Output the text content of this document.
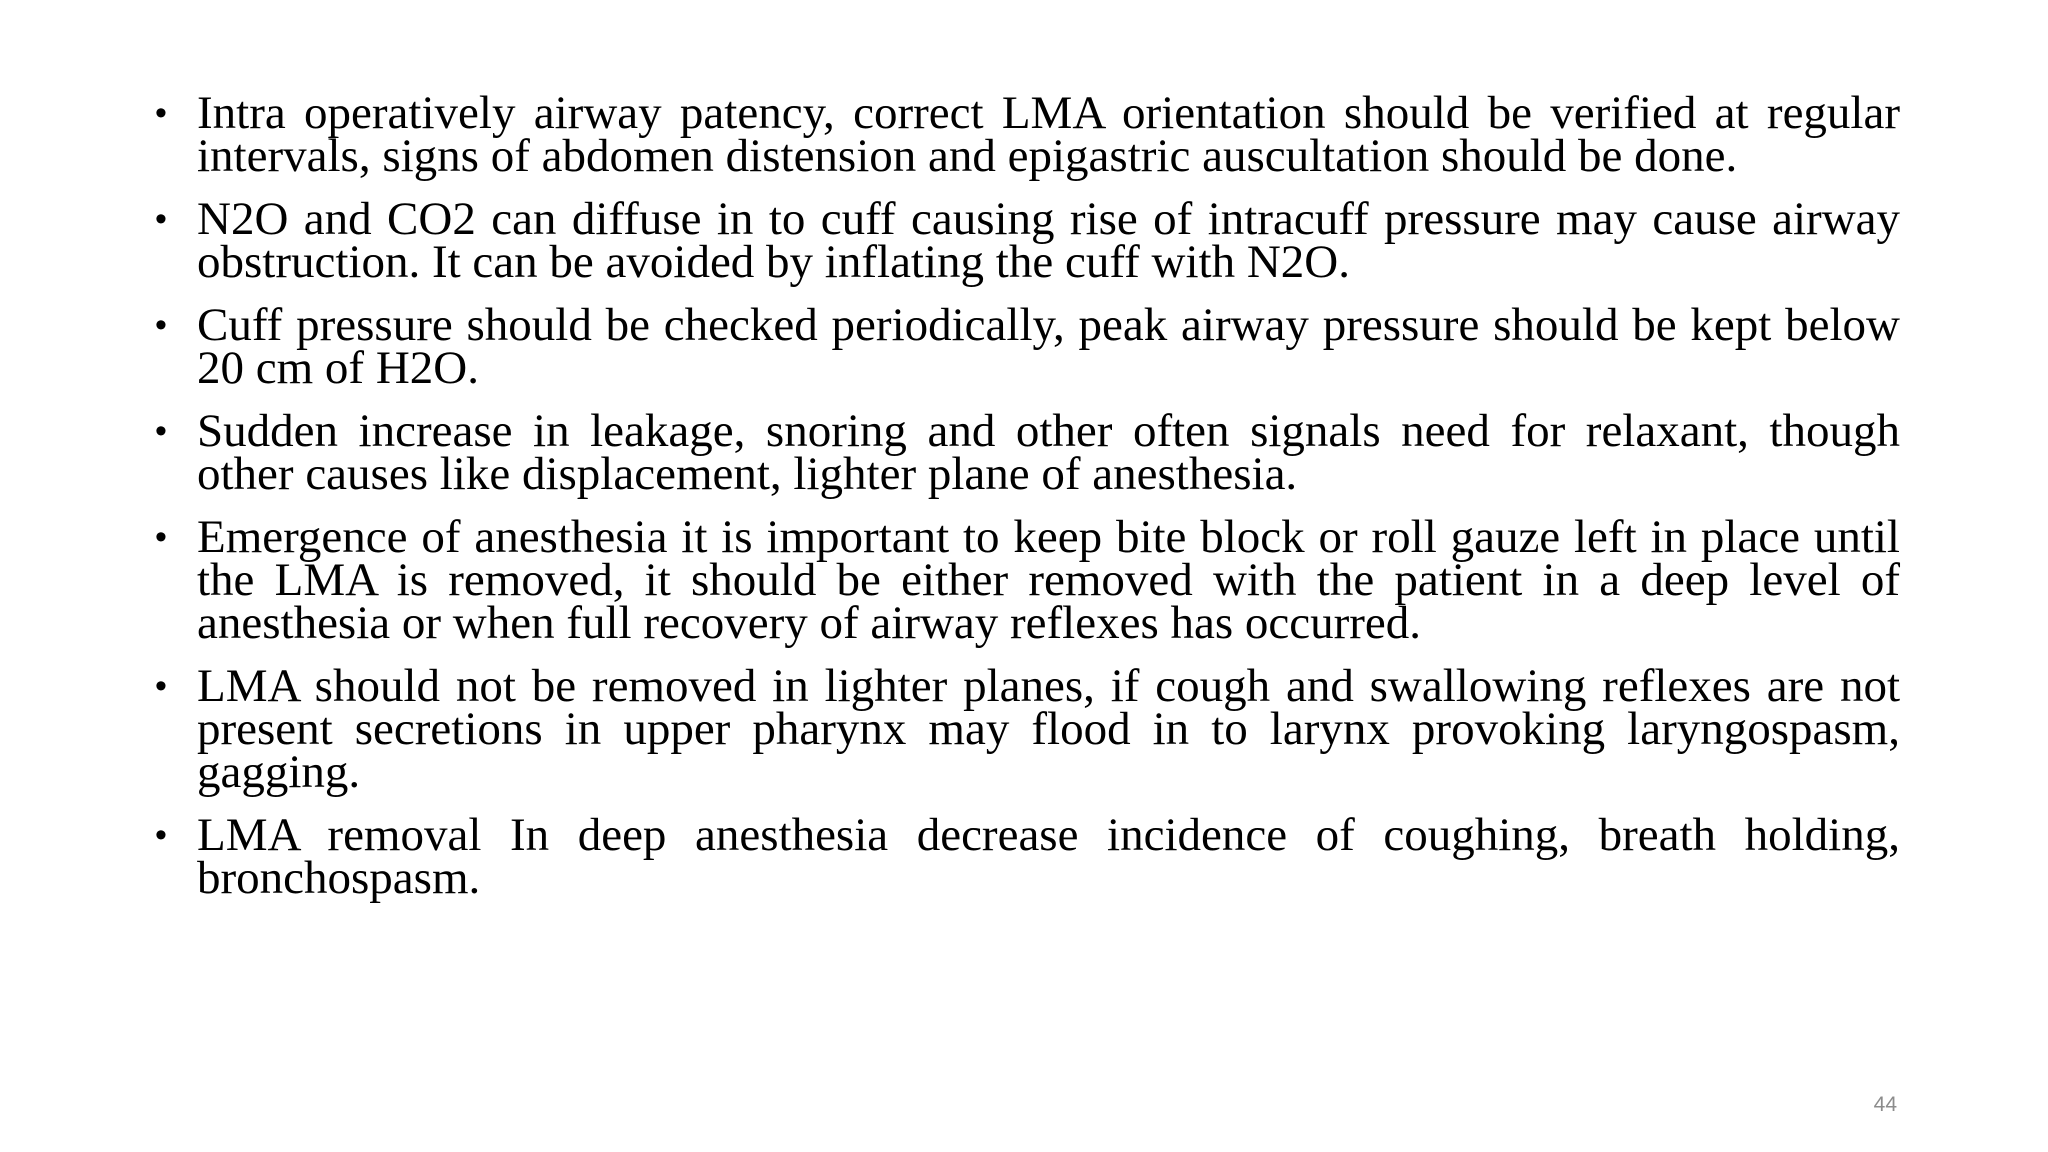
• Intra operatively airway patency, correct LMA orientation should be verified at regular intervals, signs of abdomen distension and epigastric auscultation should be done.
• N2O and CO2 can diffuse in to cuff causing rise of intracuff pressure may cause airway obstruction. It can be avoided by inflating the cuff with N2O.
• Cuff pressure should be checked periodically, peak airway pressure should be kept below 20 cm of H2O.
• Sudden increase in leakage, snoring and other often signals need for relaxant, though other causes like displacement, lighter plane of anesthesia.
• Emergence of anesthesia it is important to keep bite block or roll gauze left in place until the LMA is removed, it should be either removed with the patient in a deep level of anesthesia or when full recovery of airway reflexes has occurred.
• LMA should not be removed in lighter planes, if cough and swallowing reflexes are not present secretions in upper pharynx may flood in to larynx provoking laryngospasm, gagging.
• LMA removal In deep anesthesia decrease incidence of coughing, breath holding, bronchospasm.
44
